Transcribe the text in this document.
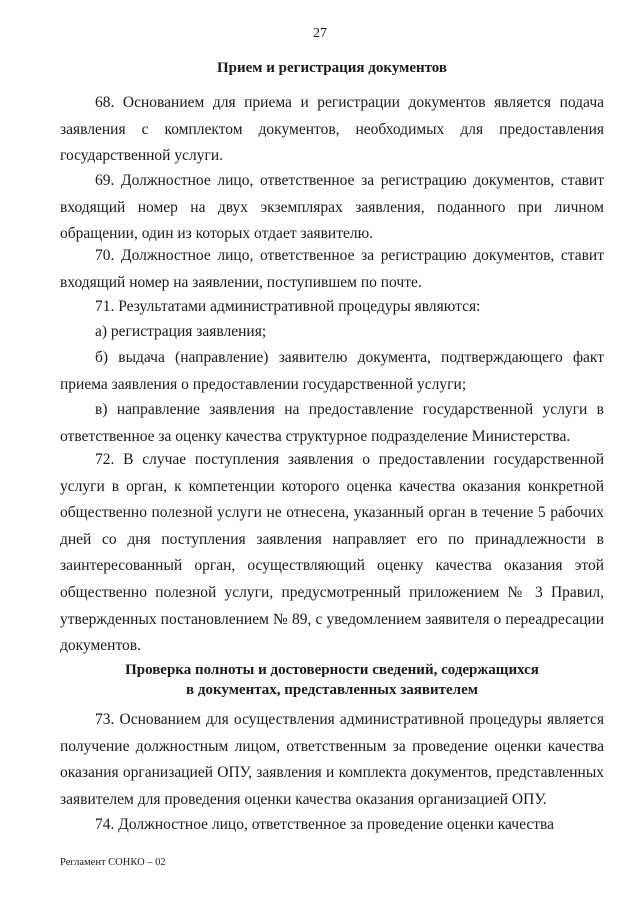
27
Прием и регистрация документов
68. Основанием для приема и регистрации документов является подача заявления с комплектом документов, необходимых для предоставления государственной услуги.
69. Должностное лицо, ответственное за регистрацию документов, ставит входящий номер на двух экземплярах заявления, поданного при личном обращении, один из которых отдает заявителю.
70. Должностное лицо, ответственное за регистрацию документов, ставит входящий номер на заявлении, поступившем по почте.
71. Результатами административной процедуры являются:
а) регистрация заявления;
б) выдача (направление) заявителю документа, подтверждающего факт приема заявления о предоставлении государственной услуги;
в) направление заявления на предоставление государственной услуги в ответственное за оценку качества структурное подразделение Министерства.
72. В случае поступления заявления о предоставлении государственной услуги в орган, к компетенции которого оценка качества оказания конкретной общественно полезной услуги не отнесена, указанный орган в течение 5 рабочих дней со дня поступления заявления направляет его по принадлежности в заинтересованный орган, осуществляющий оценку качества оказания этой общественно полезной услуги, предусмотренный приложением № 3 Правил, утвержденных постановлением № 89, с уведомлением заявителя о переадресации документов.
Проверка полноты и достоверности сведений, содержащихся
в документах, представленных заявителем
73. Основанием для осуществления административной процедуры является получение должностным лицом, ответственным за проведение оценки качества оказания организацией ОПУ, заявления и комплекта документов, представленных заявителем для проведения оценки качества оказания организацией ОПУ.
74. Должностное лицо, ответственное за проведение оценки качества
Регламент СОНКО – 02
